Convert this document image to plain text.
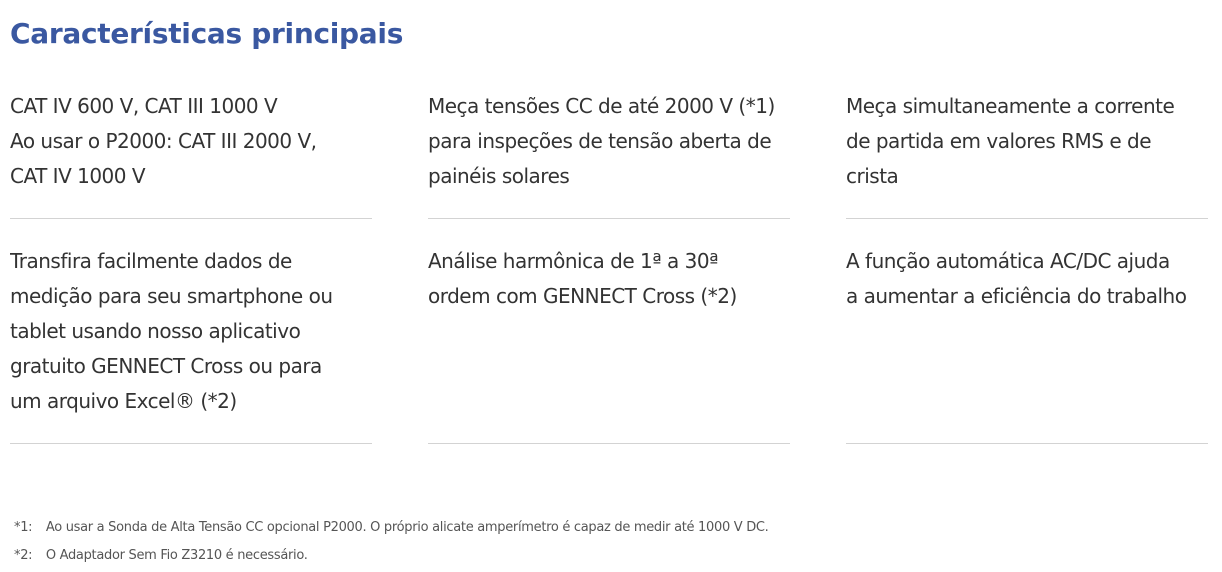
Características principais
CAT IV 600 V, CAT III 1000 V
Ao usar o P2000: CAT III 2000 V,
CAT IV 1000 V
Meça tensões CC de até 2000 V (*1)
para inspeções de tensão aberta de
painéis solares
Meça simultaneamente a corrente
de partida em valores RMS e de
crista
Transfira facilmente dados de
medição para seu smartphone ou
tablet usando nosso aplicativo
gratuito GENNECT Cross ou para
um arquivo Excel® (*2)
Análise harmônica de 1ª a 30ª
ordem com GENNECT Cross (*2)
A função automática AC/DC ajuda
a aumentar a eficiência do trabalho
*1: Ao usar a Sonda de Alta Tensão CC opcional P2000. O próprio alicate amperímetro é capaz de medir até 1000 V DC.
*2: O Adaptador Sem Fio Z3210 é necessário.
